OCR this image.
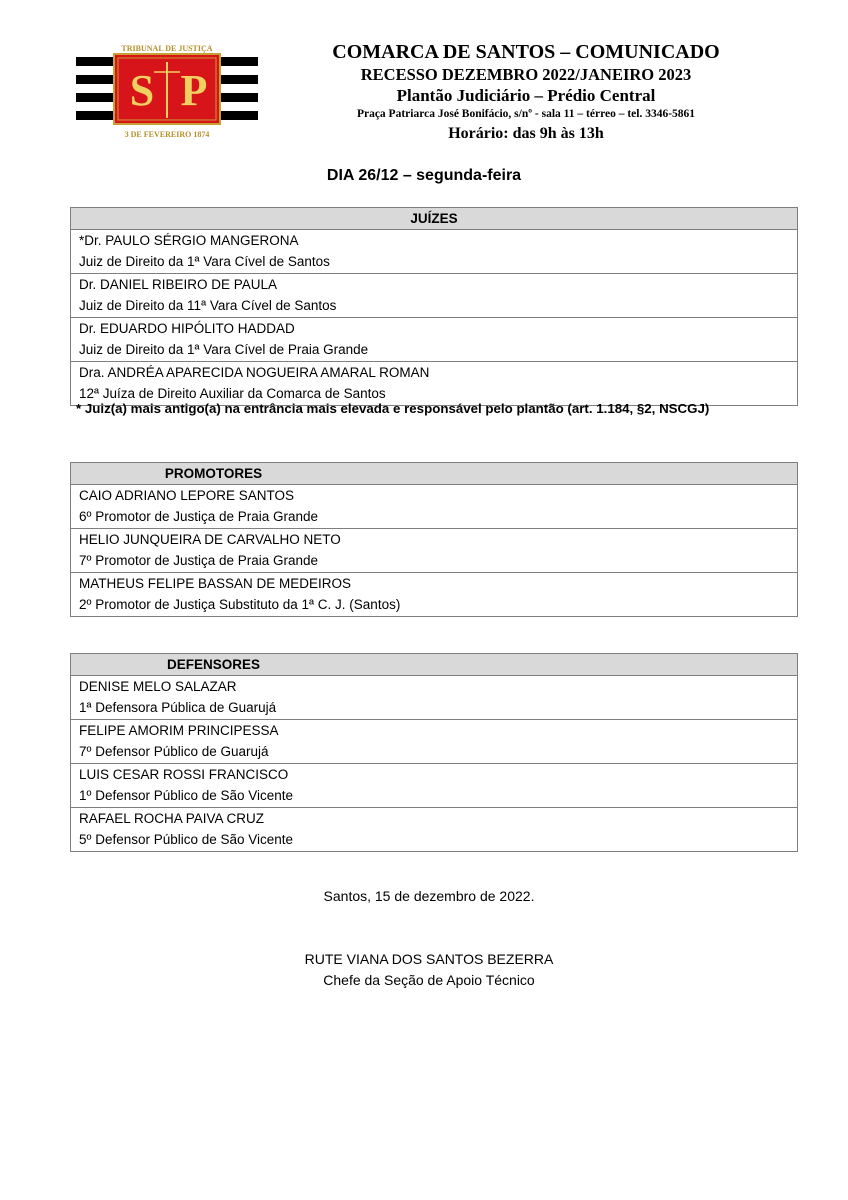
TRIBUNAL DE JUSTIÇA
S P
3 DE FEVEREIRO 1874
COMARCA DE SANTOS – COMUNICADO
RECESSO DEZEMBRO 2022/JANEIRO 2023
Plantão Judiciário – Prédio Central
Praça Patriarca José Bonifácio, s/nº - sala 11 – térreo – tel. 3346-5861
Horário: das 9h às 13h
DIA 26/12 – segunda-feira
JUÍZES

*Dr. PAULO SÉRGIO MANGERONA
Juiz de Direito da 1ª Vara Cível de Santos

Dr. DANIEL RIBEIRO DE PAULA
Juiz de Direito da 11ª Vara Cível de Santos

Dr. EDUARDO HIPÓLITO HADDAD
Juiz de Direito da 1ª Vara Cível de Praia Grande

Dra. ANDRÉA APARECIDA NOGUEIRA AMARAL ROMAN
12ª Juíza de Direito Auxiliar da Comarca de Santos
* Juiz(a) mais antigo(a) na entrância mais elevada e responsável pelo plantão (art. 1.184, §2, NSCGJ)
PROMOTORES

CAIO ADRIANO LEPORE SANTOS
6º Promotor de Justiça de Praia Grande

HELIO JUNQUEIRA DE CARVALHO NETO
7º Promotor de Justiça de Praia Grande

MATHEUS FELIPE BASSAN DE MEDEIROS
2º Promotor de Justiça Substituto da 1ª C. J. (Santos)
DEFENSORES

DENISE MELO SALAZAR
1ª Defensora Pública de Guarujá

FELIPE AMORIM PRINCIPESSA
7º Defensor Público de Guarujá

LUIS CESAR ROSSI FRANCISCO
1º Defensor Público de São Vicente

RAFAEL ROCHA PAIVA CRUZ
5º Defensor Público de São Vicente
Santos, 15 de dezembro de 2022.
RUTE VIANA DOS SANTOS BEZERRA
Chefe da Seção de Apoio Técnico
